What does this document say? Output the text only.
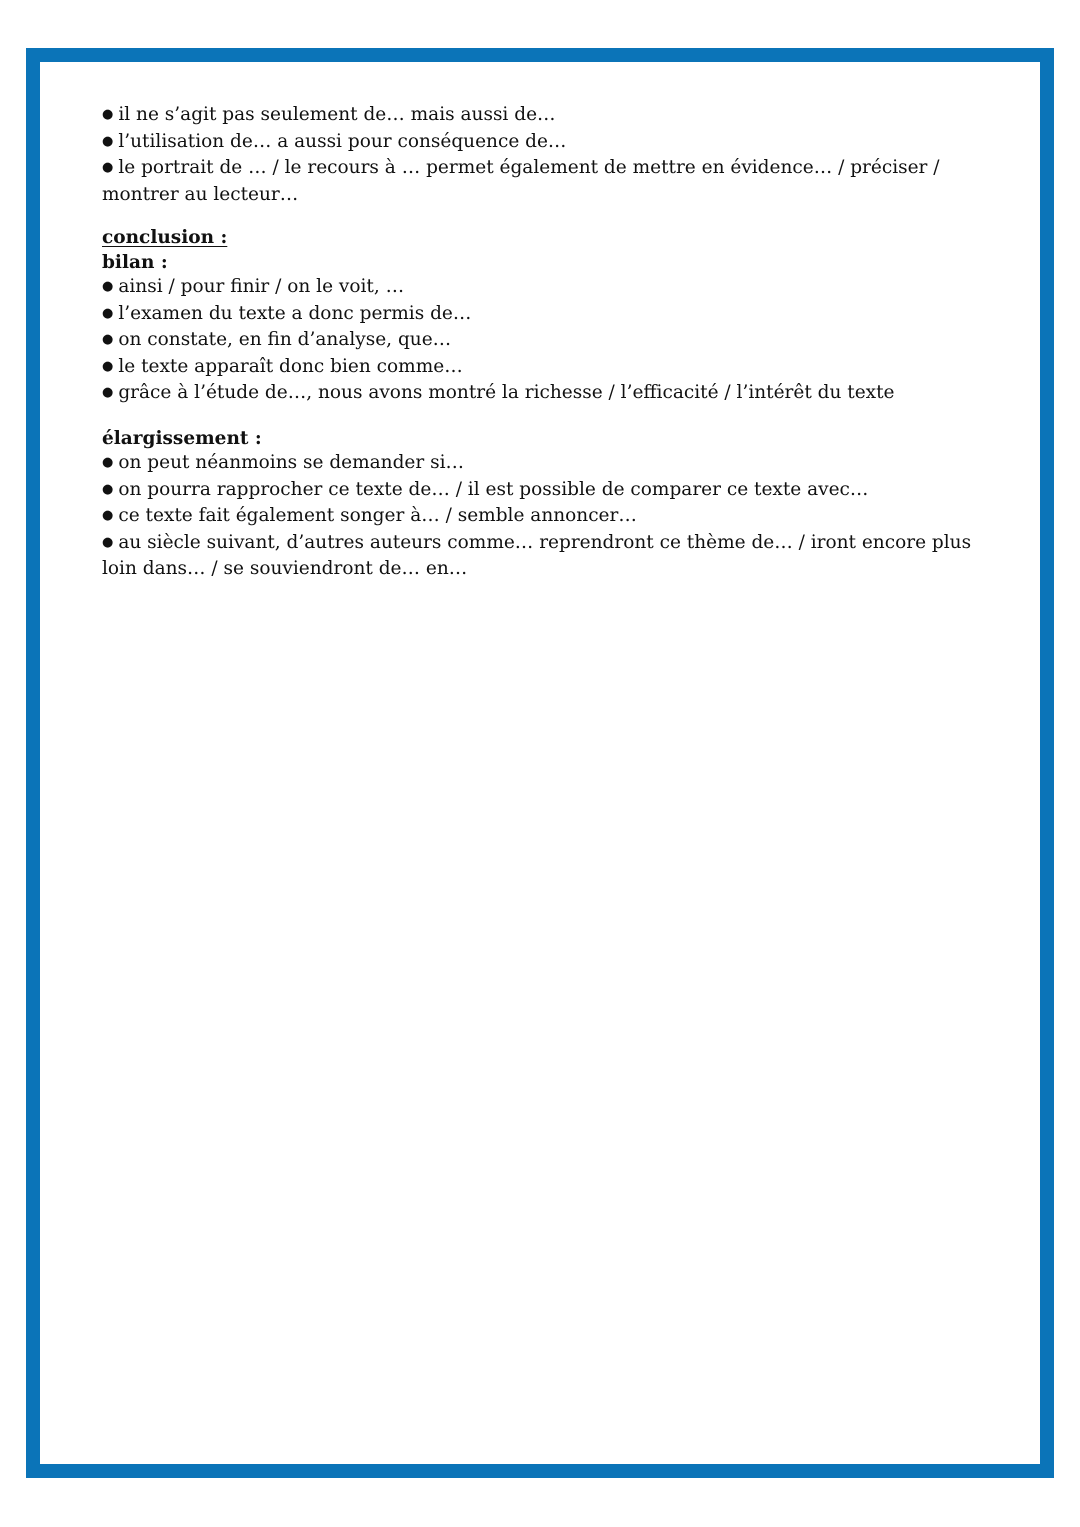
● il ne s’agit pas seulement de… mais aussi de…

● l’utilisation de… a aussi pour conséquence de…

● le portrait de … / le recours à … permet également de mettre en évidence… / préciser / montrer au lecteur…

conclusion :

bilan :

● ainsi / pour finir / on le voit, …

● l’examen du texte a donc permis de…

● on constate, en fin d’analyse, que…

● le texte apparaît donc bien comme…

● grâce à l’étude de…, nous avons montré la richesse / l’efficacité / l’intérêt du texte

élargissement :

● on peut néanmoins se demander si…

● on pourra rapprocher ce texte de… / il est possible de comparer ce texte avec…

● ce texte fait également songer à… / semble annoncer…

● au siècle suivant, d’autres auteurs comme… reprendront ce thème de… / iront encore plus loin dans… / se souviendront de… en…
